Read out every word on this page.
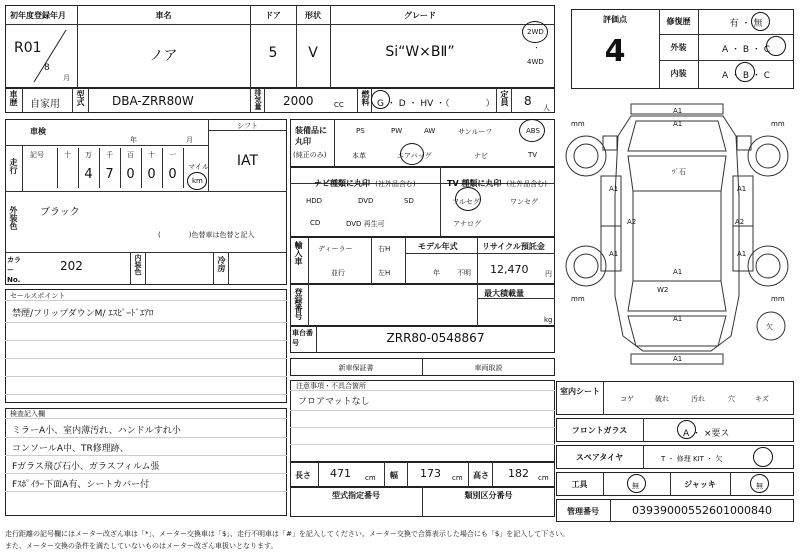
初年度登録年月
R01
8
月
車名
ノア
ドア
5
形状
V
グレード
Si“W×BⅡ”
2WD
・
4WD
評価点
4
修復歴	有 ・ 無
外装	A ・ B ・ C
内装	A ・ B ・ C
車歴 自家用 型式 DBA-ZRR80W	排気量 2000	CC 燃料 G ・ D ・ HV ・（　　　　） 定員 8 人
車検
年	月
シフト
IAT
走行
記号	十	万	千	百	十	一
4 7 0 0 0	マイル
km
外装色 ブラック
(　　　　)色替車は色替と記入
カラーNo.
202	内装色	冷房
装備品に丸印
(純正のみ)
PS	PW	AW	サンルーフ	ABS
本革	エアバッグ	ナビ	TV
ナビ種類に丸印 (社外品含む)	TV 種類に丸印 (社外品含む)
HDD	DVD	SD
CD	DVD 再生可
フルセグ	ワンセグ
アナログ
輸入車 ディーラー
並行
右H
左H
モデル年式
年 不明
リサイクル預託金
12,470 円
セールスポイント
禁煙/フリップダウンM/ ｴｽﾋﾟｰﾄﾞｴｱﾛ	登録番号	最大積載量
kg
車台番号	ZRR80-0548867
新車保証書	車両取説
注意事項・不具合箇所
フロアマットなし
検査記入欄
ミラーA小、室内薄汚れ、ハンドルすれ小
コンソールA中、TR修理跡、
Fガラス飛び石小、ガラスフィルム張
Fｽﾎﾟｲﾗｰ下面A有、シートカバー付
長さ 471 cm 幅 173 cm 高さ 182 cm
型式指定番号	類別区分番号
室内シート
コゲ	破れ	汚れ	穴	キズ
フロントガラス	A ・ ×要ス
スペアタイヤ	T ・ 修理 KIT ・ 欠
工具	無	ジャッキ	無
管理番号	03939000552601000840
A1
A1
A1	A1
A2	A2
A1	A1
A1
W2
A1
ﾂﾞ石
A1
mm	mm
mm	mm
欠
走行距離の記号欄にはメーター改ざん車は「*」、メーター交換車は「$」、走行不明車は「#」を記入してください。メーター交換で合算表示した場合にも「$」を記入して下さい。
また、メーター交換の条件を満たしていないものはメーター改ざん車扱いとなります。
